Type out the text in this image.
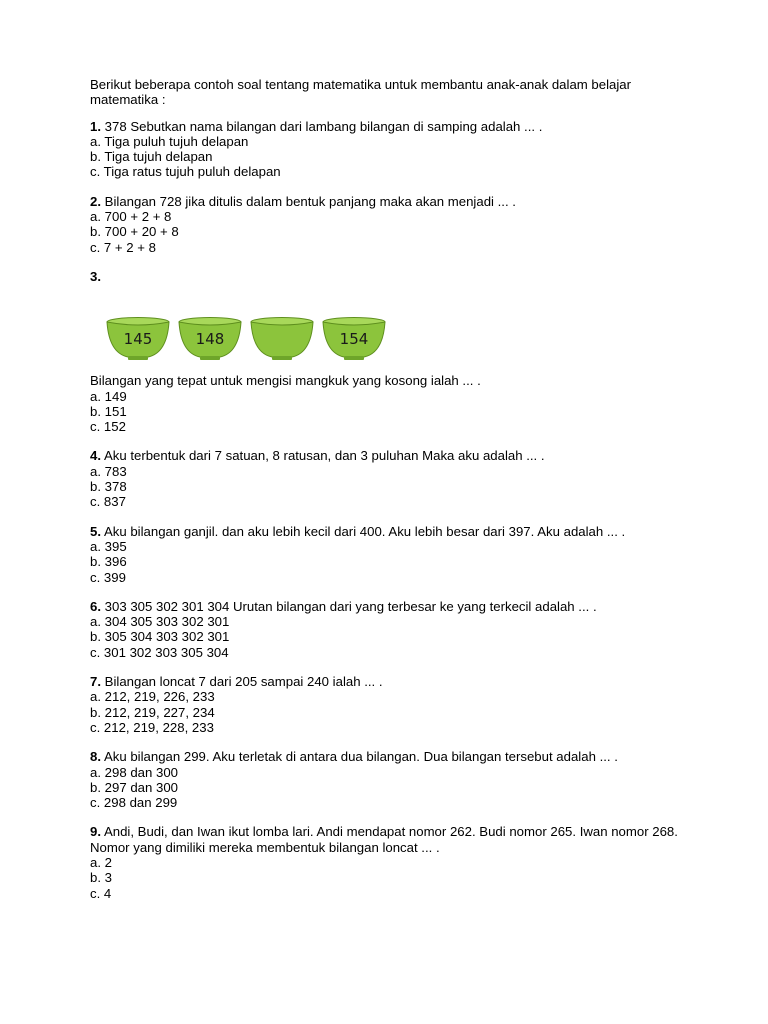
Berikut beberapa contoh soal tentang matematika untuk membantu anak-anak dalam belajar matematika :

1. 378 Sebutkan nama bilangan dari lambang bilangan di samping adalah ... .

a. Tiga puluh tujuh delapan

b. Tiga tujuh delapan

c. Tiga ratus tujuh puluh delapan

2. Bilangan 728 jika ditulis dalam bentuk panjang maka akan menjadi ... .

a. 700 + 2 + 8

b. 700 + 20 + 8

c. 7 + 2 + 8

3.

145	148	154

Bilangan yang tepat untuk mengisi mangkuk yang kosong ialah ... .

a. 149

b. 151

c. 152

4. Aku terbentuk dari 7 satuan, 8 ratusan, dan 3 puluhan Maka aku adalah ... .

a. 783

b. 378

c. 837

5. Aku bilangan ganjil. dan aku lebih kecil dari 400. Aku lebih besar dari 397. Aku adalah ... .

a. 395

b. 396

c. 399

6. 303 305 302 301 304 Urutan bilangan dari yang terbesar ke yang terkecil adalah ... .

a. 304 305 303 302 301

b. 305 304 303 302 301

c. 301 302 303 305 304

7. Bilangan loncat 7 dari 205 sampai 240 ialah ... .

a. 212, 219, 226, 233

b. 212, 219, 227, 234

c. 212, 219, 228, 233

8. Aku bilangan 299. Aku terletak di antara dua bilangan. Dua bilangan tersebut adalah ... .

a. 298 dan 300

b. 297 dan 300

c. 298 dan 299

9. Andi, Budi, dan Iwan ikut lomba lari. Andi mendapat nomor 262. Budi nomor 265. Iwan nomor 268. Nomor yang dimiliki mereka membentuk bilangan loncat ... .

a. 2

b. 3

c. 4
